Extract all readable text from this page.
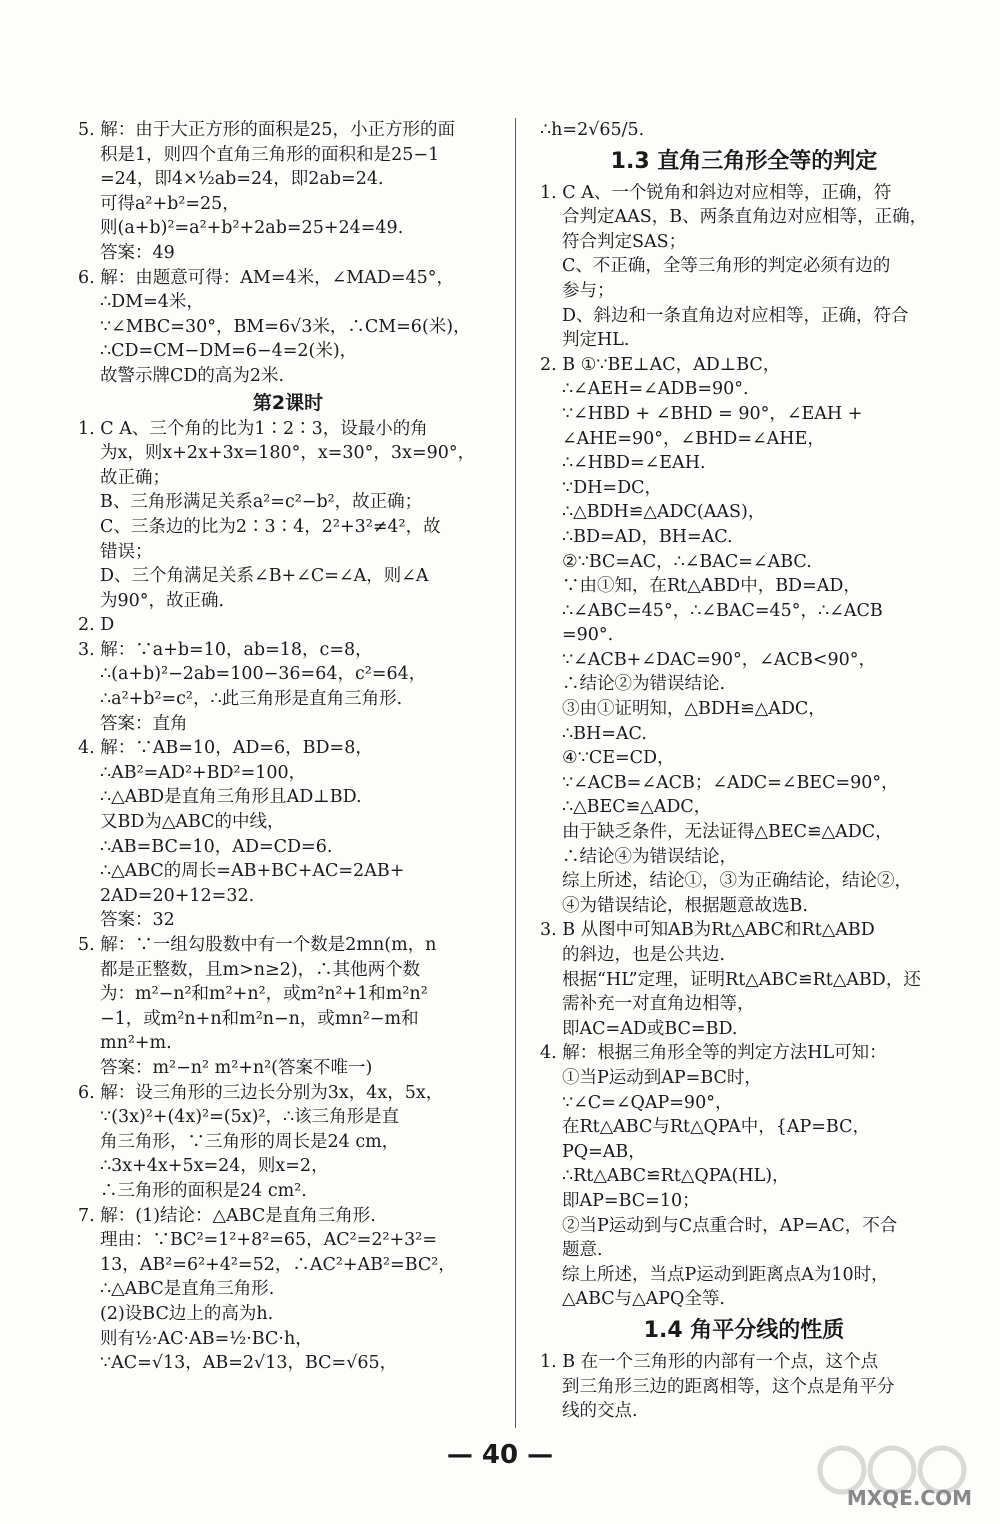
5. 解：由于大正方形的面积是25，小正方形的面
积是1，则四个直角三角形的面积和是25−1
=24，即4×½ab=24，即2ab=24.
可得a²+b²=25，
则(a+b)²=a²+b²+2ab=25+24=49.
答案：49
6. 解：由题意可得：AM=4米，∠MAD=45°，
∴DM=4米，
∵∠MBC=30°，BM=6√3米，∴CM=6(米)，
∴CD=CM−DM=6−4=2(米)，
故警示牌CD的高为2米.
第2课时
1. C A、三个角的比为1∶2∶3，设最小的角
为x，则x+2x+3x=180°，x=30°，3x=90°，
故正确；
B、三角形满足关系a²=c²−b²，故正确；
C、三条边的比为2∶3∶4，2²+3²≠4²，故
错误；
D、三个角满足关系∠B+∠C=∠A，则∠A
为90°，故正确.
2. D
3. 解：∵a+b=10，ab=18，c=8，
∴(a+b)²−2ab=100−36=64，c²=64，
∴a²+b²=c²，∴此三角形是直角三角形.
答案：直角
4. 解：∵AB=10，AD=6，BD=8，
∴AB²=AD²+BD²=100，
∴△ABD是直角三角形且AD⊥BD.
又BD为△ABC的中线，
∴AB=BC=10，AD=CD=6.
∴△ABC的周长=AB+BC+AC=2AB+
2AD=20+12=32.
答案：32
5. 解：∵一组勾股数中有一个数是2mn(m，n
都是正整数，且m>n≥2)，∴其他两个数
为：m²−n²和m²+n²，或m²n²+1和m²n²
−1，或m²n+n和m²n−n，或mn²−m和
mn²+m.
答案：m²−n² m²+n²(答案不唯一)
6. 解：设三角形的三边长分别为3x，4x，5x，
∵(3x)²+(4x)²=(5x)²，∴该三角形是直
角三角形，∵三角形的周长是24 cm，
∴3x+4x+5x=24，则x=2，
∴三角形的面积是24 cm².
7. 解：(1)结论：△ABC是直角三角形.
理由：∵BC²=1²+8²=65，AC²=2²+3²=
13，AB²=6²+4²=52，∴AC²+AB²=BC²，
∴△ABC是直角三角形.
(2)设BC边上的高为h.
则有½·AC·AB=½·BC·h，
∵AC=√13，AB=2√13，BC=√65，
∴h=2√65/5.
1.3 直角三角形全等的判定
1. C A、一个锐角和斜边对应相等，正确，符
合判定AAS，B、两条直角边对应相等，正确，
符合判定SAS；
C、不正确，全等三角形的判定必须有边的
参与；
D、斜边和一条直角边对应相等，正确，符合
判定HL.
2. B ①∵BE⊥AC，AD⊥BC，
∴∠AEH=∠ADB=90°.
∵∠HBD + ∠BHD = 90°，∠EAH +
∠AHE=90°，∠BHD=∠AHE，
∴∠HBD=∠EAH.
∵DH=DC，
∴△BDH≌△ADC(AAS)，
∴BD=AD，BH=AC.
②∵BC=AC，∴∠BAC=∠ABC.
∵由①知，在Rt△ABD中，BD=AD，
∴∠ABC=45°，∴∠BAC=45°，∴∠ACB
=90°.
∵∠ACB+∠DAC=90°，∠ACB<90°，
∴结论②为错误结论.
③由①证明知，△BDH≌△ADC，
∴BH=AC.
④∵CE=CD，
∵∠ACB=∠ACB；∠ADC=∠BEC=90°，
∴△BEC≌△ADC，
由于缺乏条件，无法证得△BEC≌△ADC，
∴结论④为错误结论，
综上所述，结论①，③为正确结论，结论②，
④为错误结论，根据题意故选B.
3. B 从图中可知AB为Rt△ABC和Rt△ABD
的斜边，也是公共边.
根据“HL”定理，证明Rt△ABC≌Rt△ABD，还
需补充一对直角边相等，
即AC=AD或BC=BD.
4. 解：根据三角形全等的判定方法HL可知：
①当P运动到AP=BC时，
∵∠C=∠QAP=90°，
在Rt△ABC与Rt△QPA中，{AP=BC，
PQ=AB，
∴Rt△ABC≌Rt△QPA(HL)，
即AP=BC=10；
②当P运动到与C点重合时，AP=AC，不合
题意.
综上所述，当点P运动到距离点A为10时，
△ABC与△APQ全等.
1.4 角平分线的性质
1. B 在一个三角形的内部有一个点，这个点
到三角形三边的距离相等，这个点是角平分
线的交点.
— 40 —
MXQE.COM
